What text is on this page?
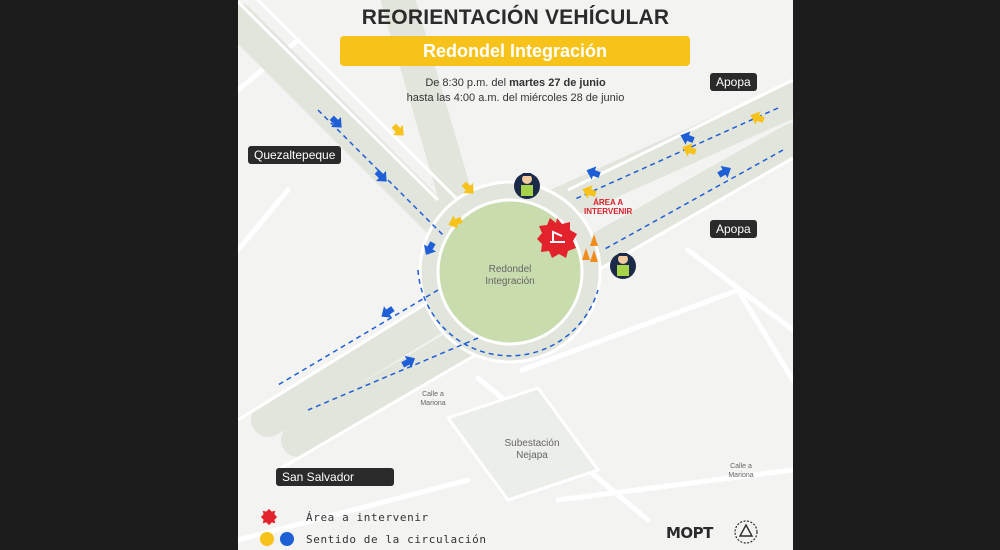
REORIENTACIÓN VEHÍCULAR
Redondel Integración
De 8:30 p.m. del martes 27 de junio
hasta las 4:00 a.m. del miércoles 28 de junio
Apopa
Apopa
Quezaltepeque
San Salvador
Redondel
Integración
ÁREA A
INTERVENIR
Calle a
Mariona
Calle a
Mariona
Subestación
Nejapa
Área a intervenir
Sentido de la circulación	MOPT
